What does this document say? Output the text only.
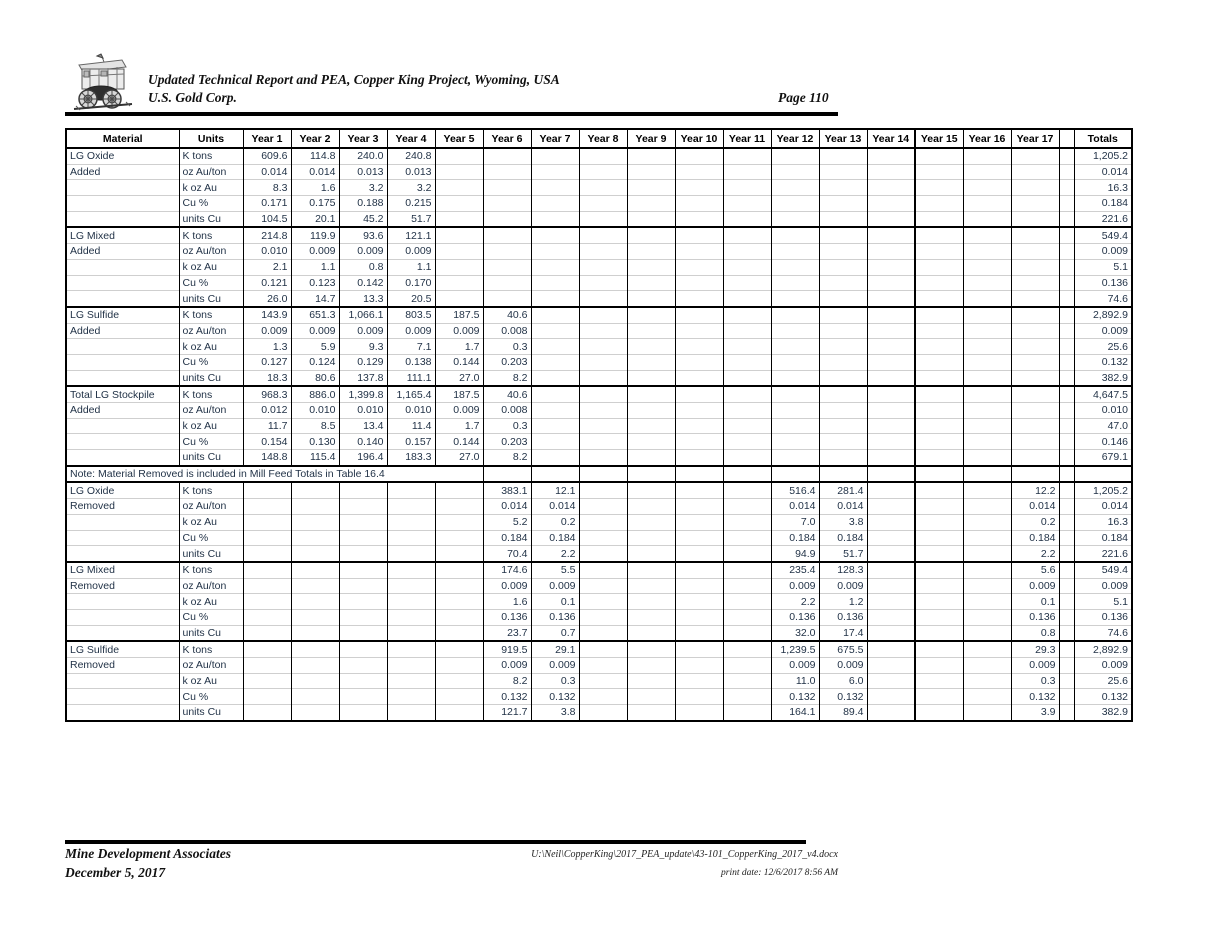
Updated Technical Report and PEA, Copper King Project, Wyoming, USA
U.S. Gold Corp.	Page 110
Material	Units	Year 1	Year 2	Year 3	Year 4	Year 5	Year 6	Year 7	Year 8	Year 9	Year 10	Year 11	Year 12	Year 13	Year 14	Year 15	Year 16	Year 17		Totals
LG Oxide	K tons	609.6	114.8	240.0	240.8															1,205.2
Added	oz Au/ton	0.014	0.014	0.013	0.013															0.014
	k oz Au	8.3	1.6	3.2	3.2															16.3
	Cu %	0.171	0.175	0.188	0.215															0.184
	units Cu	104.5	20.1	45.2	51.7															221.6
LG Mixed	K tons	214.8	119.9	93.6	121.1															549.4
Added	oz Au/ton	0.010	0.009	0.009	0.009															0.009
	k oz Au	2.1	1.1	0.8	1.1															5.1
	Cu %	0.121	0.123	0.142	0.170															0.136
	units Cu	26.0	14.7	13.3	20.5															74.6
LG Sulfide	K tons	143.9	651.3	1,066.1	803.5	187.5	40.6													2,892.9
Added	oz Au/ton	0.009	0.009	0.009	0.009	0.009	0.008													0.009
	k oz Au	1.3	5.9	9.3	7.1	1.7	0.3													25.6
	Cu %	0.127	0.124	0.129	0.138	0.144	0.203													0.132
	units Cu	18.3	80.6	137.8	111.1	27.0	8.2													382.9
Total LG Stockpile	K tons	968.3	886.0	1,399.8	1,165.4	187.5	40.6													4,647.5
Added	oz Au/ton	0.012	0.010	0.010	0.010	0.009	0.008													0.010
	k oz Au	11.7	8.5	13.4	11.4	1.7	0.3													47.0
	Cu %	0.154	0.130	0.140	0.157	0.144	0.203													0.146
	units Cu	148.8	115.4	196.4	183.3	27.0	8.2													679.1
Note: Material Removed is included in Mill Feed Totals in Table 16.4																				
LG Oxide	K tons						383.1	12.1					516.4	281.4				12.2		1,205.2
Removed	oz Au/ton						0.014	0.014					0.014	0.014				0.014		0.014
	k oz Au						5.2	0.2					7.0	3.8				0.2		16.3
	Cu %						0.184	0.184					0.184	0.184				0.184		0.184
	units Cu						70.4	2.2					94.9	51.7				2.2		221.6
LG Mixed	K tons						174.6	5.5					235.4	128.3				5.6		549.4
Removed	oz Au/ton						0.009	0.009					0.009	0.009				0.009		0.009
	k oz Au						1.6	0.1					2.2	1.2				0.1		5.1
	Cu %						0.136	0.136					0.136	0.136				0.136		0.136
	units Cu						23.7	0.7					32.0	17.4				0.8		74.6
LG Sulfide	K tons						919.5	29.1					1,239.5	675.5				29.3		2,892.9
Removed	oz Au/ton						0.009	0.009					0.009	0.009				0.009		0.009
	k oz Au						8.2	0.3					11.0	6.0				0.3		25.6
	Cu %						0.132	0.132					0.132	0.132				0.132		0.132
	units Cu						121.7	3.8					164.1	89.4				3.9		382.9
Mine Development Associates
December 5, 2017
U:\Neil\CopperKing\2017_PEA_update\43-101_CopperKing_2017_v4.docx
print date: 12/6/2017 8:56 AM
